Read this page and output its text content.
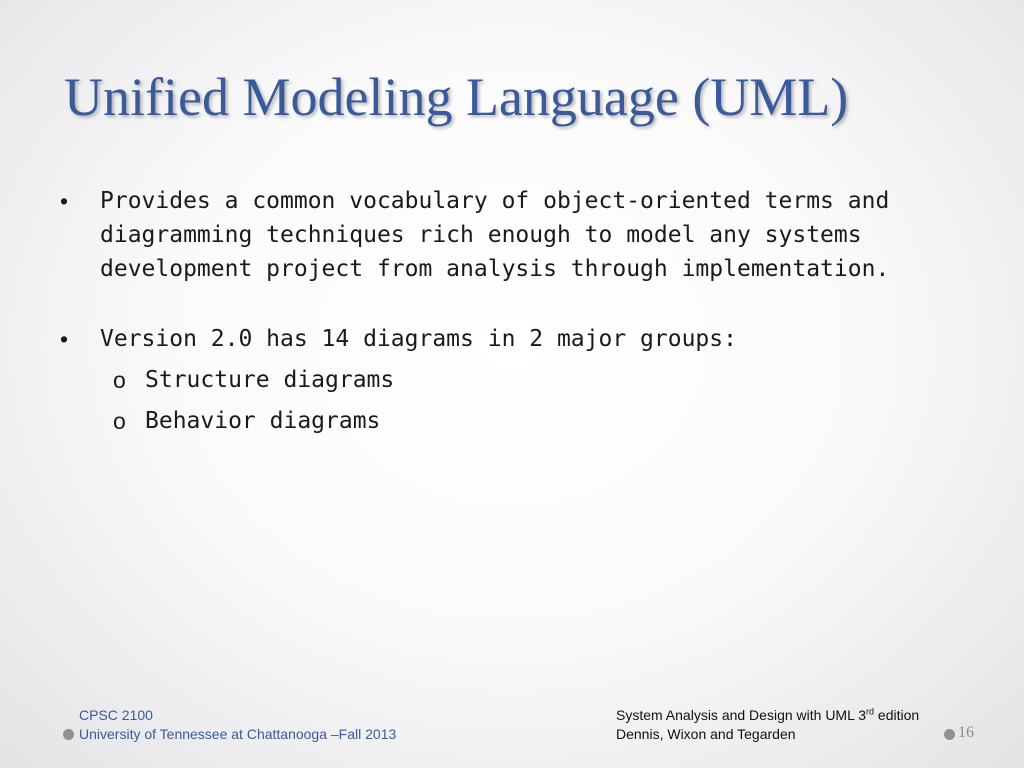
Unified Modeling Language (UML)
• Provides a common vocabulary of object-oriented terms and diagramming techniques rich enough to model any systems development project from analysis through implementation.
• Version 2.0 has 14 diagrams in 2 major groups:
o Structure diagrams
o Behavior diagrams
CPSC 2100
University of Tennessee at Chattanooga –Fall 2013
System Analysis and Design with UML 3rd edition
Dennis, Wixon and Tegarden	16
